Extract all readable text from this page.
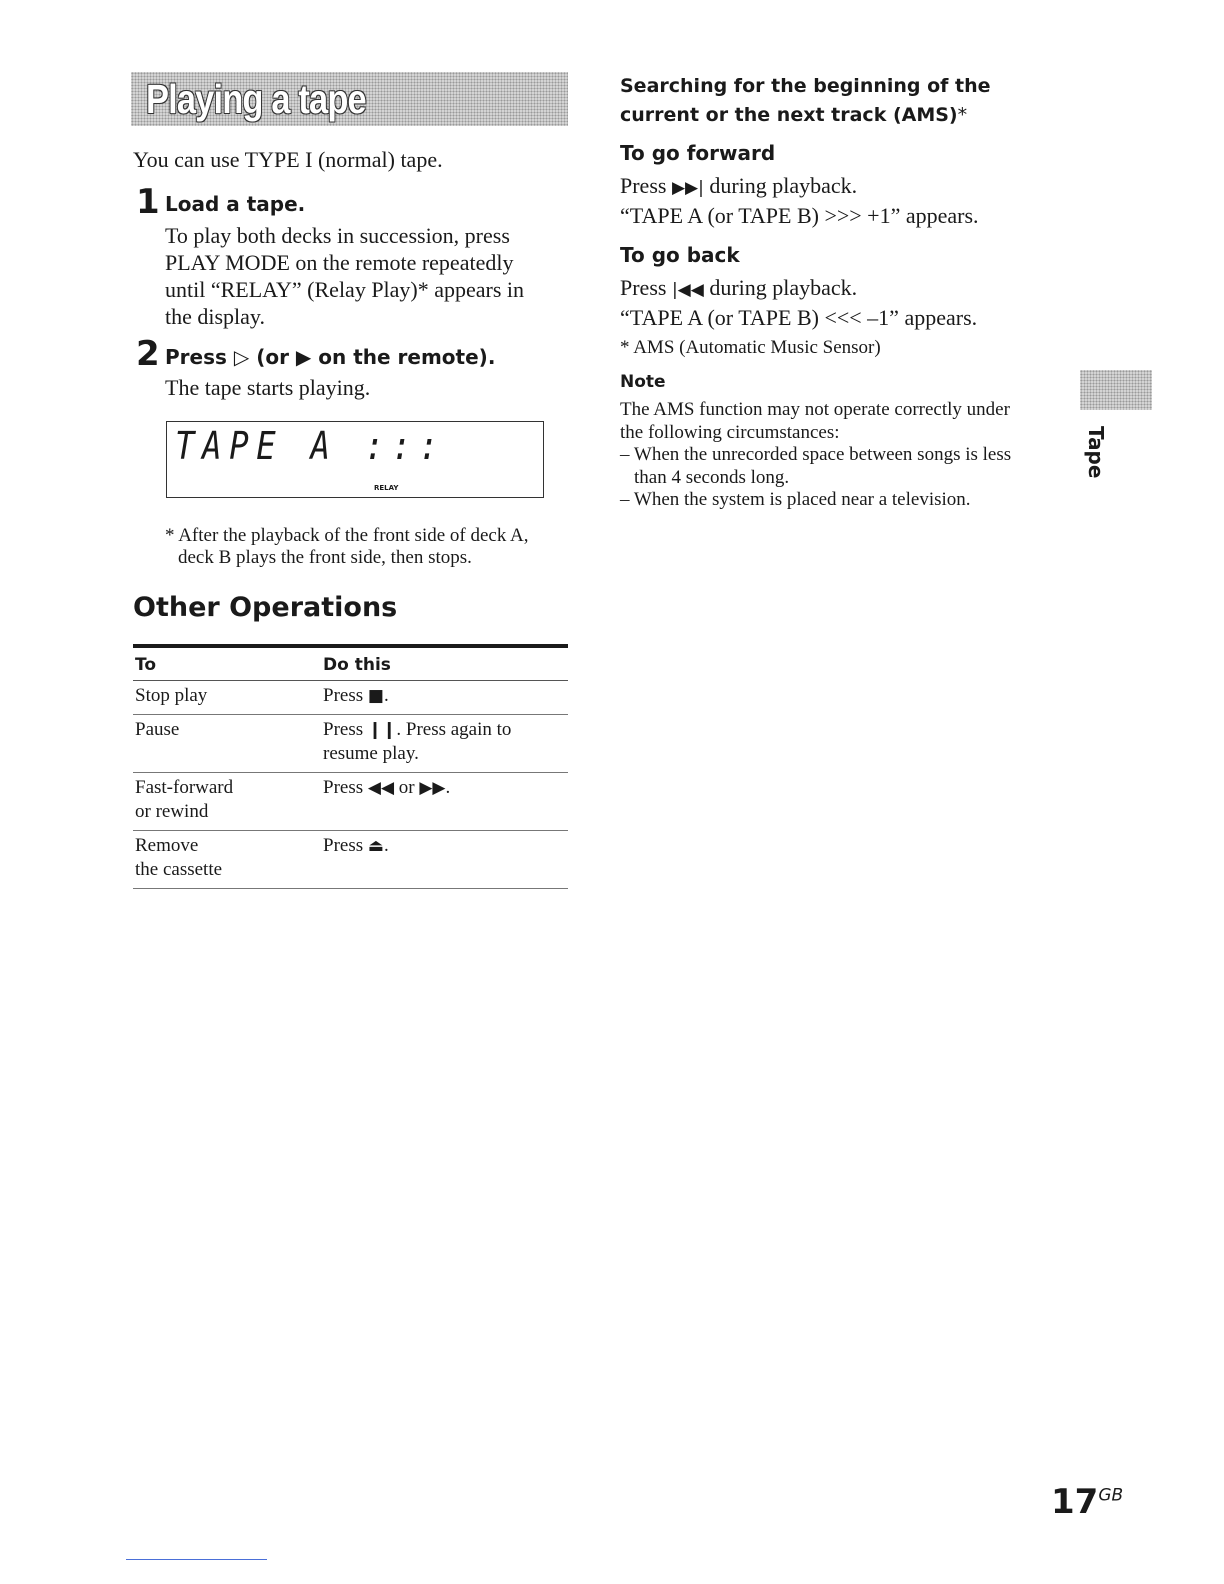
Playing a tape
You can use TYPE I (normal) tape.
1 Load a tape.
To play both decks in succession, press
PLAY MODE on the remote repeatedly
until “RELAY” (Relay Play)* appears in
the display.
2 Press ▷ (or ▶ on the remote).
The tape starts playing.
TAPE A :::
RELAY
* After the playback of the front side of deck A,
deck B plays the front side, then stops.
Other Operations
To	Do this

Stop play	Press ■.

Pause	Press ❙❙. Press again to
resume play.

Fast-forward
or rewind	Press ◀◀ or ▶▶.

Remove
the cassette	Press ⏏.
Searching for the beginning of the
current or the next track (AMS)*
To go forward
Press ▶▶| during playback.
“TAPE A (or TAPE B) >>> +1” appears.
To go back
Press |◀◀ during playback.
“TAPE A (or TAPE B) <<< –1” appears.
* AMS (Automatic Music Sensor)
Note
The AMS function may not operate correctly under
the following circumstances:
– When the unrecorded space between songs is less
than 4 seconds long.
– When the system is placed near a television.
Tape
$17^{GB}$
